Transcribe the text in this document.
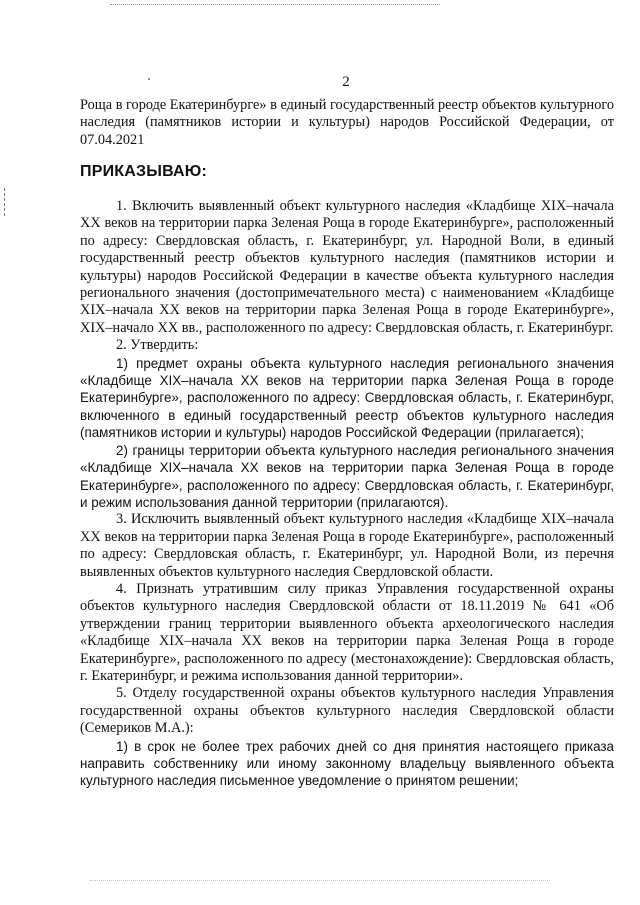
2
Роща в городе Екатеринбурге» в единый государственный реестр объектов культурного наследия (памятников истории и культуры) народов Российской Федерации, от 07.04.2021
ПРИКАЗЫВАЮ:

1. Включить выявленный объект культурного наследия «Кладбище XIX–начала XX веков на территории парка Зеленая Роща в городе Екатеринбурге», расположенный по адресу: Свердловская область, г. Екатеринбург, ул. Народной Воли, в единый государственный реестр объектов культурного наследия (памятников истории и культуры) народов Российской Федерации в качестве объекта культурного наследия регионального значения (достопримечательного места) с наименованием «Кладбище XIX–начала XX веков на территории парка Зеленая Роща в городе Екатеринбурге», XIX–начало XX вв., расположенного по адресу: Свердловская область, г. Екатеринбург.

2. Утвердить:

1) предмет охраны объекта культурного наследия регионального значения «Кладбище XIX–начала XX веков на территории парка Зеленая Роща в городе Екатеринбурге», расположенного по адресу: Свердловская область, г. Екатеринбург, включенного в единый государственный реестр объектов культурного наследия (памятников истории и культуры) народов Российской Федерации (прилагается);

2) границы территории объекта культурного наследия регионального значения «Кладбище XIX–начала XX веков на территории парка Зеленая Роща в городе Екатеринбурге», расположенного по адресу: Свердловская область, г. Екатеринбург, и режим использования данной территории (прилагаются).

3. Исключить выявленный объект культурного наследия «Кладбище XIX–начала XX веков на территории парка Зеленая Роща в городе Екатеринбурге», расположенный по адресу: Свердловская область, г. Екатеринбург, ул. Народной Воли, из перечня выявленных объектов культурного наследия Свердловской области.

4. Признать утратившим силу приказ Управления государственной охраны объектов культурного наследия Свердловской области от 18.11.2019 № 641 «Об утверждении границ территории выявленного объекта археологического наследия «Кладбище XIX–начала XX веков на территории парка Зеленая Роща в городе Екатеринбурге», расположенного по адресу (местонахождение): Свердловская область, г. Екатеринбург, и режима использования данной территории».

5. Отделу государственной охраны объектов культурного наследия Управления государственной охраны объектов культурного наследия Свердловской области (Семериков М.А.):

1) в срок не более трех рабочих дней со дня принятия настоящего приказа направить собственнику или иному законному владельцу выявленного объекта культурного наследия письменное уведомление о принятом решении;
